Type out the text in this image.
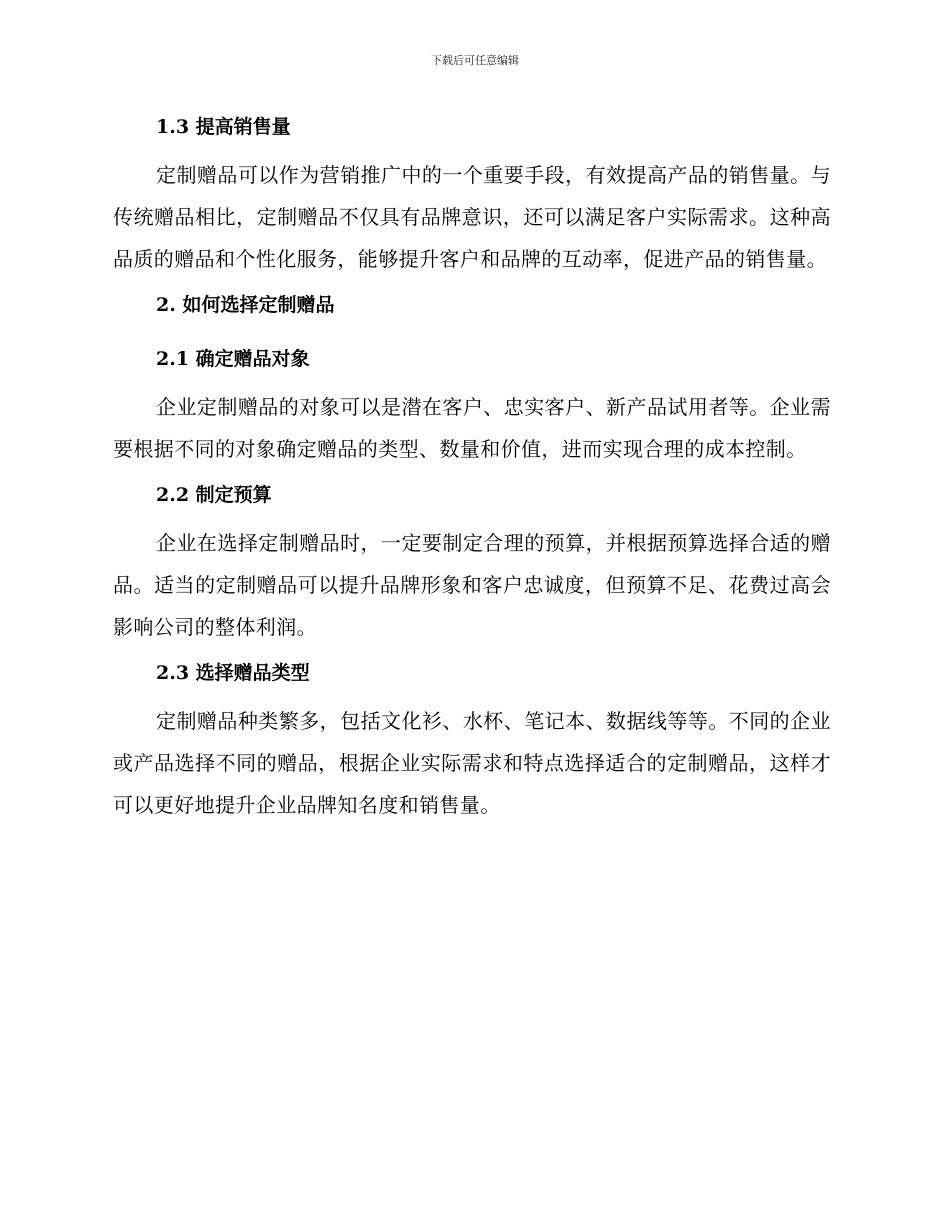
下载后可任意编辑
1.3 提高销售量

定制赠品可以作为营销推广中的一个重要手段，有效提高产品的销售量。与传统赠品相比，定制赠品不仅具有品牌意识，还可以满足客户实际需求。这种高品质的赠品和个性化服务，能够提升客户和品牌的互动率，促进产品的销售量。

2. 如何选择定制赠品
2.1 确定赠品对象

企业定制赠品的对象可以是潜在客户、忠实客户、新产品试用者等。企业需要根据不同的对象确定赠品的类型、数量和价值，进而实现合理的成本控制。

2.2 制定预算

企业在选择定制赠品时，一定要制定合理的预算，并根据预算选择合适的赠品。适当的定制赠品可以提升品牌形象和客户忠诚度，但预算不足、花费过高会影响公司的整体利润。

2.3 选择赠品类型

定制赠品种类繁多，包括文化衫、水杯、笔记本、数据线等等。不同的企业或产品选择不同的赠品，根据企业实际需求和特点选择适合的定制赠品，这样才可以更好地提升企业品牌知名度和销售量。
